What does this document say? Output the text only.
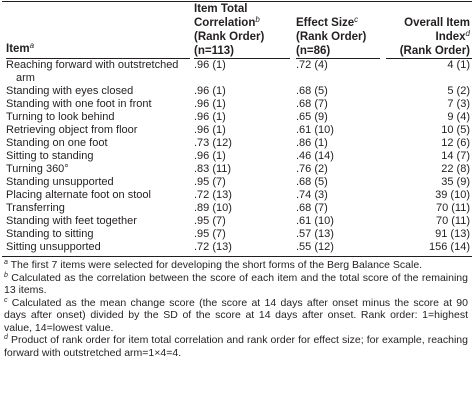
Item$^a$	Item Total
Correlation$^b$
(Rank Order)
(n=113)	Effect Size$^c$
(Rank Order)
(n=86)	Overall Item
Index$^d$
(Rank Order)

Reaching forward with outstretched
arm	.96 (1)	.72 (4)	4 (1)
Standing with eyes closed	.96 (1)	.68 (5)	5 (2)
Standing with one foot in front	.96 (1)	.68 (7)	7 (3)
Turning to look behind	.96 (1)	.65 (9)	9 (4)
Retrieving object from floor	.96 (1)	.61 (10)	10 (5)
Standing on one foot	.73 (12)	.86 (1)	12 (6)
Sitting to standing	.96 (1)	.46 (14)	14 (7)
Turning 360°	.83 (11)	.76 (2)	22 (8)
Standing unsupported	.95 (7)	.68 (5)	35 (9)
Placing alternate foot on stool	.72 (13)	.74 (3)	39 (10)
Transferring	.89 (10)	.68 (7)	70 (11)
Standing with feet together	.95 (7)	.61 (10)	70 (11)
Standing to sitting	.95 (7)	.57 (13)	91 (13)
Sitting unsupported	.72 (13)	.55 (12)	156 (14)
$^a$ The first 7 items were selected for developing the short forms of the Berg Balance Scale.
$^b$ Calculated as the correlation between the score of each item and the total score of the remaining 13 items.
$^c$ Calculated as the mean change score (the score at 14 days after onset minus the score at 90 days after onset) divided by the SD of the score at 14 days after onset. Rank order: 1=highest value, 14=lowest value.
$^d$ Product of rank order for item total correlation and rank order for effect size; for example, reaching forward with outstretched arm=1×4=4.
